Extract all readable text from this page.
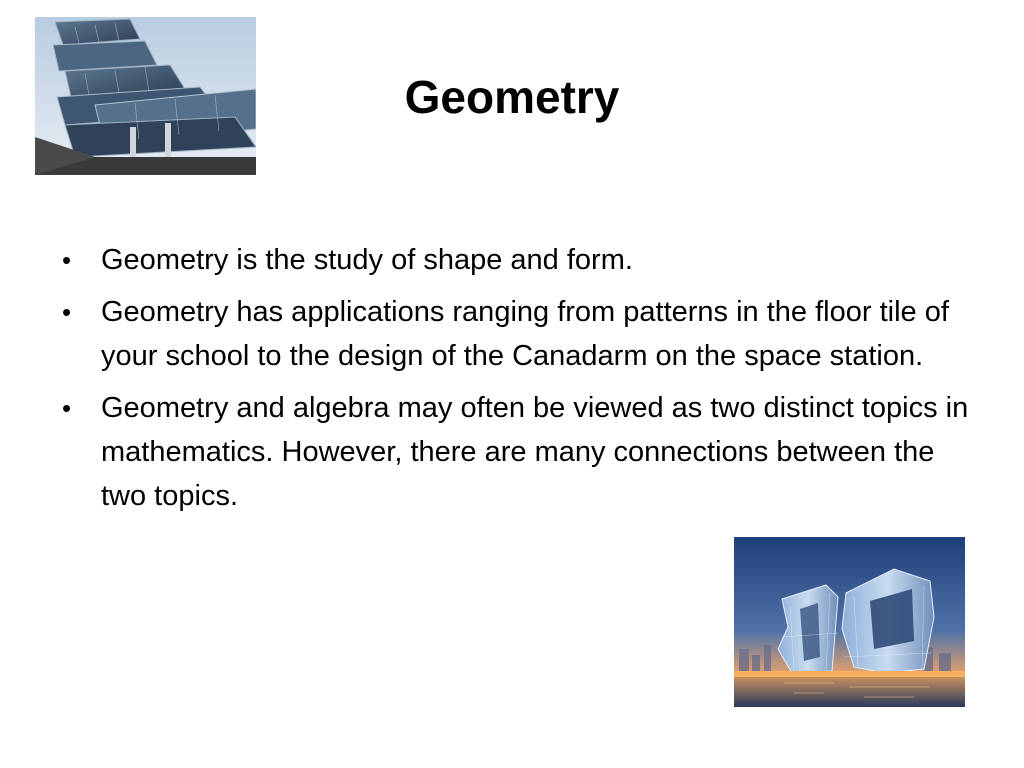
Geometry
• Geometry is the study of shape and form.
• Geometry has applications ranging from patterns in the floor tile of your school to the design of the Canadarm on the space station.
• Geometry and algebra may often be viewed as two distinct topics in mathematics. However, there are many connections between the two topics.
